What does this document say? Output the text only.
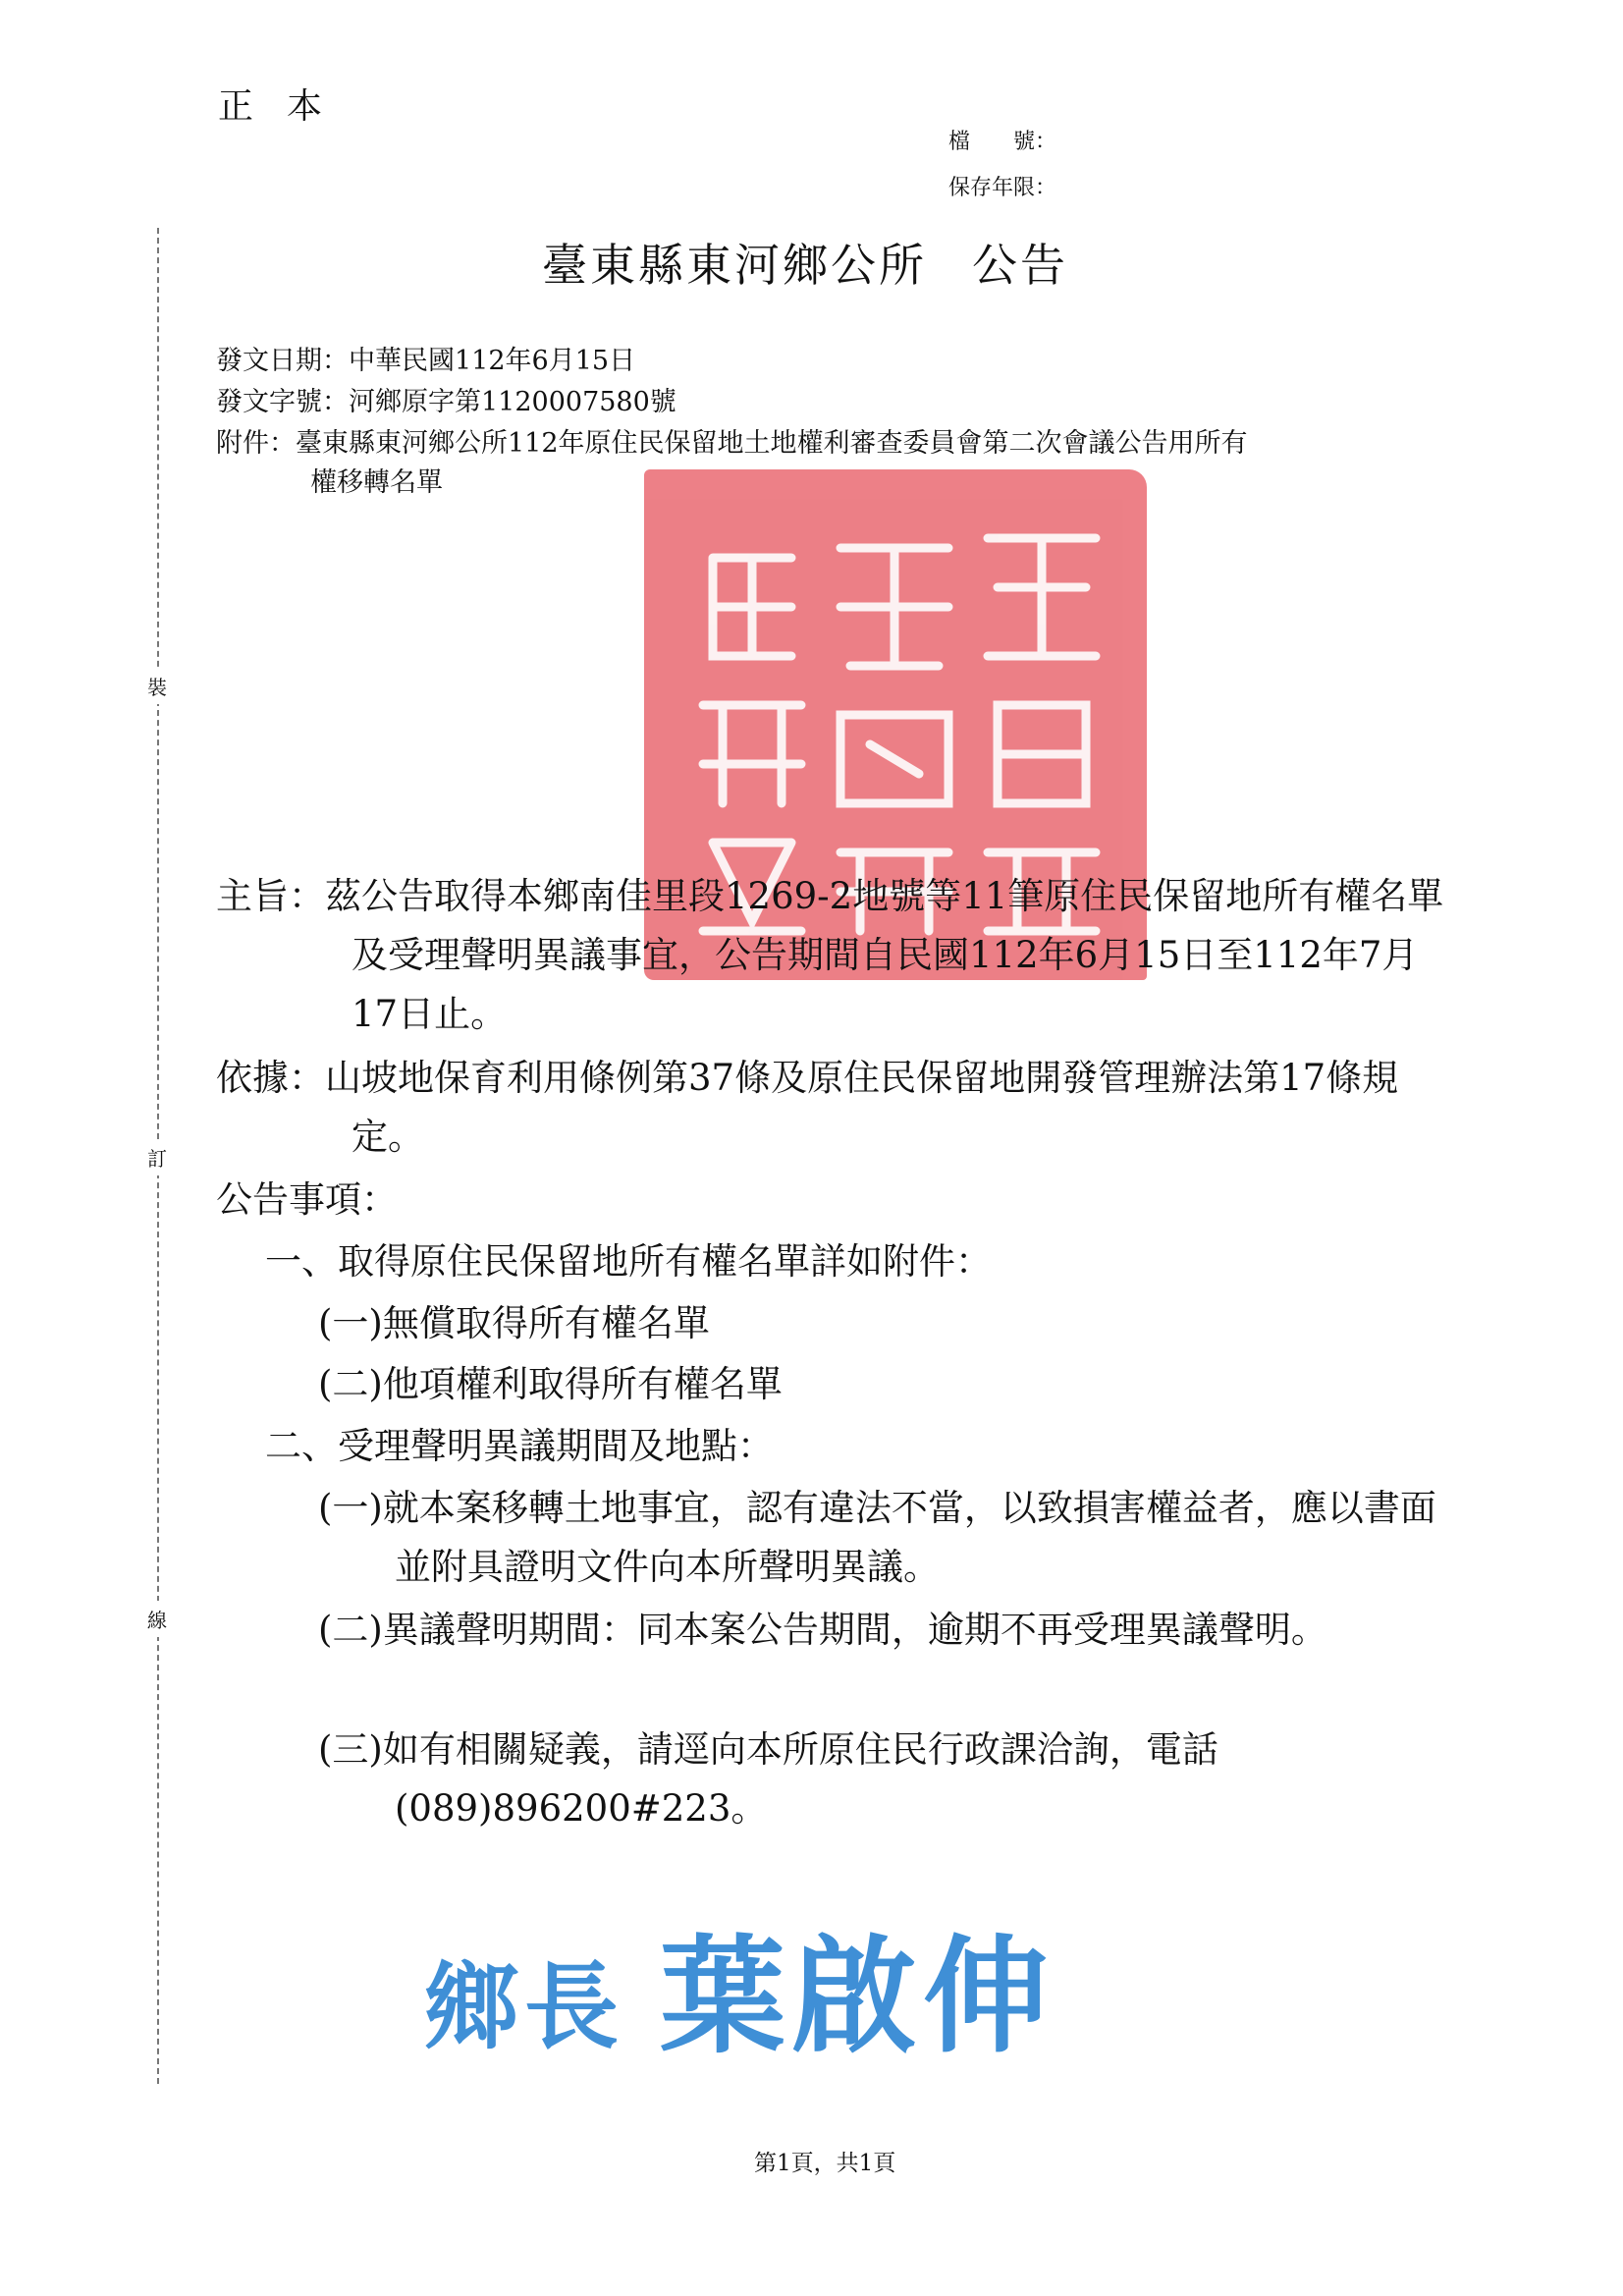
正本
檔　　號：
保存年限：
裝
訂
線
臺東縣東河鄉公所 公告
發文日期：中華民國112年6月15日
發文字號：河鄉原字第1120007580號
附件：臺東縣東河鄉公所112年原住民保留地土地權利審查委員會第二次會議公告用所有
權移轉名單
主旨：茲公告取得本鄉南佳里段1269-2地號等11筆原住民保留地所有權名單及受理聲明異議事宜，公告期間自民國112年6月15日至112年7月17日止。
依據：山坡地保育利用條例第37條及原住民保留地開發管理辦法第17條規定。
公告事項：
一、取得原住民保留地所有權名單詳如附件：
(一)無償取得所有權名單
(二)他項權利取得所有權名單
二、受理聲明異議期間及地點：
(一)就本案移轉土地事宜，認有違法不當，以致損害權益者，應以書面並附具證明文件向本所聲明異議。
(二)異議聲明期間：同本案公告期間，逾期不再受理異議聲明。
(三)如有相關疑義，請逕向本所原住民行政課洽詢，電話(089)896200#223。
鄉長 葉啟伸
第1頁，共1頁
